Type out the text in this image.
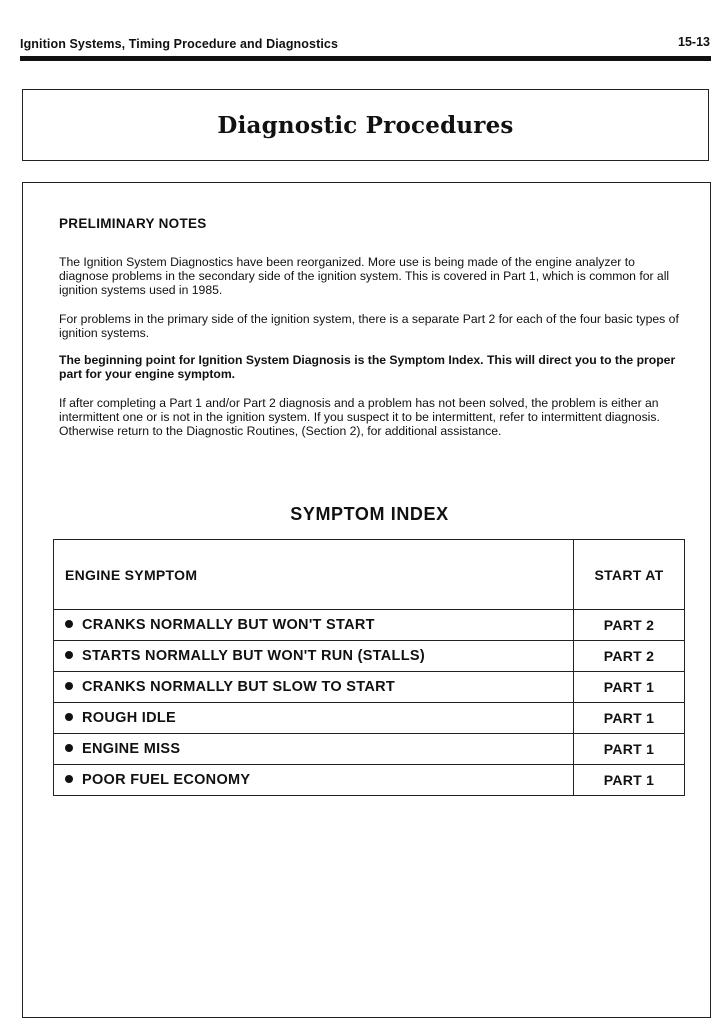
Ignition Systems, Timing Procedure and Diagnostics	15-13
Diagnostic Procedures
PRELIMINARY NOTES

The Ignition System Diagnostics have been reorganized. More use is being made of the engine analyzer to diagnose problems in the secondary side of the ignition system. This is covered in Part 1, which is common for all ignition systems used in 1985.

For problems in the primary side of the ignition system, there is a separate Part 2 for each of the four basic types of ignition systems.

The beginning point for Ignition System Diagnosis is the Symptom Index. This will direct you to the proper part for your engine symptom.

If after completing a Part 1 and/or Part 2 diagnosis and a problem has not been solved, the problem is either an intermittent one or is not in the ignition system. If you suspect it to be intermittent, refer to intermittent diagnosis. Otherwise return to the Diagnostic Routines, (Section 2), for additional assistance.

SYMPTOM INDEX
ENGINE SYMPTOM	START AT
CRANKS NORMALLY BUT WON'T START	PART 2
STARTS NORMALLY BUT WON'T RUN (STALLS)	PART 2
CRANKS NORMALLY BUT SLOW TO START	PART 1
ROUGH IDLE	PART 1
ENGINE MISS	PART 1
POOR FUEL ECONOMY	PART 1
